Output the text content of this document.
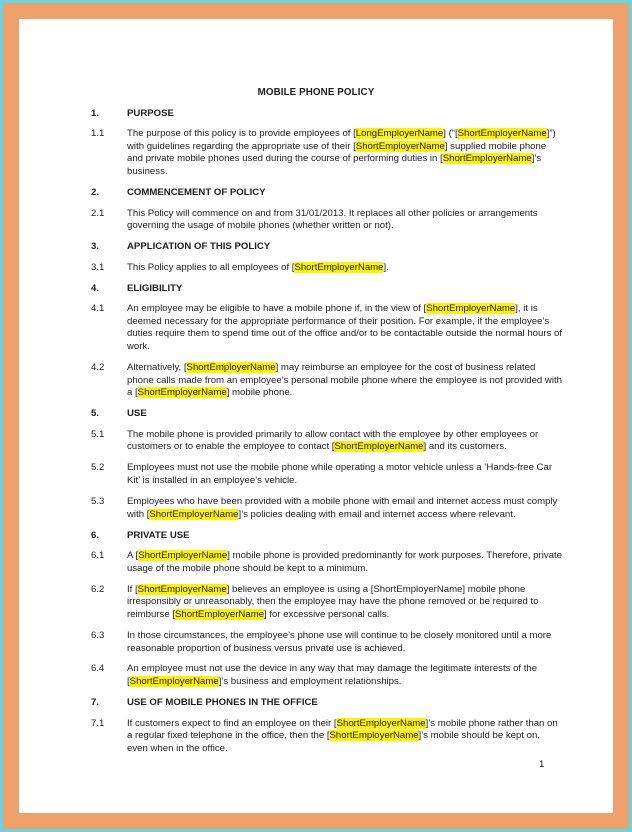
MOBILE PHONE POLICY
1.	PURPOSE
1.1 The purpose of this policy is to provide employees of [LongEmployerName] (“[ShortEmployerName]”) with guidelines regarding the appropriate use of their [ShortEmployerName] supplied mobile phone and private mobile phones used during the course of performing duties in [ShortEmployerName]’s business.
2.	COMMENCEMENT OF POLICY
2.1 This Policy will commence on and from 31/01/2013. It replaces all other policies or arrangements governing the usage of mobile phones (whether written or not).
3.	APPLICATION OF THIS POLICY
3.1 This Policy applies to all employees of [ShortEmployerName].
4.	ELIGIBILITY
4.1 An employee may be eligible to have a mobile phone if, in the view of [ShortEmployerName], it is deemed necessary for the appropriate performance of their position. For example, if the employee’s duties require them to spend time out of the office and/or to be contactable outside the normal hours of work.
4.2 Alternatively, [ShortEmployerName] may reimburse an employee for the cost of business related phone calls made from an employee’s personal mobile phone where the employee is not provided with a [ShortEmployerName] mobile phone.
5.	USE
5.1 The mobile phone is provided primarily to allow contact with the employee by other employees or customers or to enable the employee to contact [ShortEmployerName] and its customers.
5.2 Employees must not use the mobile phone while operating a motor vehicle unless a ‘Hands-free Car Kit’ is installed in an employee’s vehicle.
5.3 Employees who have been provided with a mobile phone with email and internet access must comply with [ShortEmployerName]’s policies dealing with email and internet access where relevant.
6.	PRIVATE USE
6.1 A [ShortEmployerName] mobile phone is provided predominantly for work purposes. Therefore, private usage of the mobile phone should be kept to a minimum.
6.2 If [ShortEmployerName] believes an employee is using a [ShortEmployerName] mobile phone irresponsibly or unreasonably, then the employee may have the phone removed or be required to reimburse [ShortEmployerName] for excessive personal calls.
6.3 In those circumstances, the employee’s phone use will continue to be closely monitored until a more reasonable proportion of business versus private use is achieved.
6.4 An employee must not use the device in any way that may damage the legitimate interests of the [ShortEmployerName]’s business and employment relationships.
7.	USE OF MOBILE PHONES IN THE OFFICE
7.1 If customers expect to find an employee on their [ShortEmployerName]’s mobile phone rather than on a regular fixed telephone in the office, then the [ShortEmployerName]’s mobile should be kept on, even when in the office.
1
